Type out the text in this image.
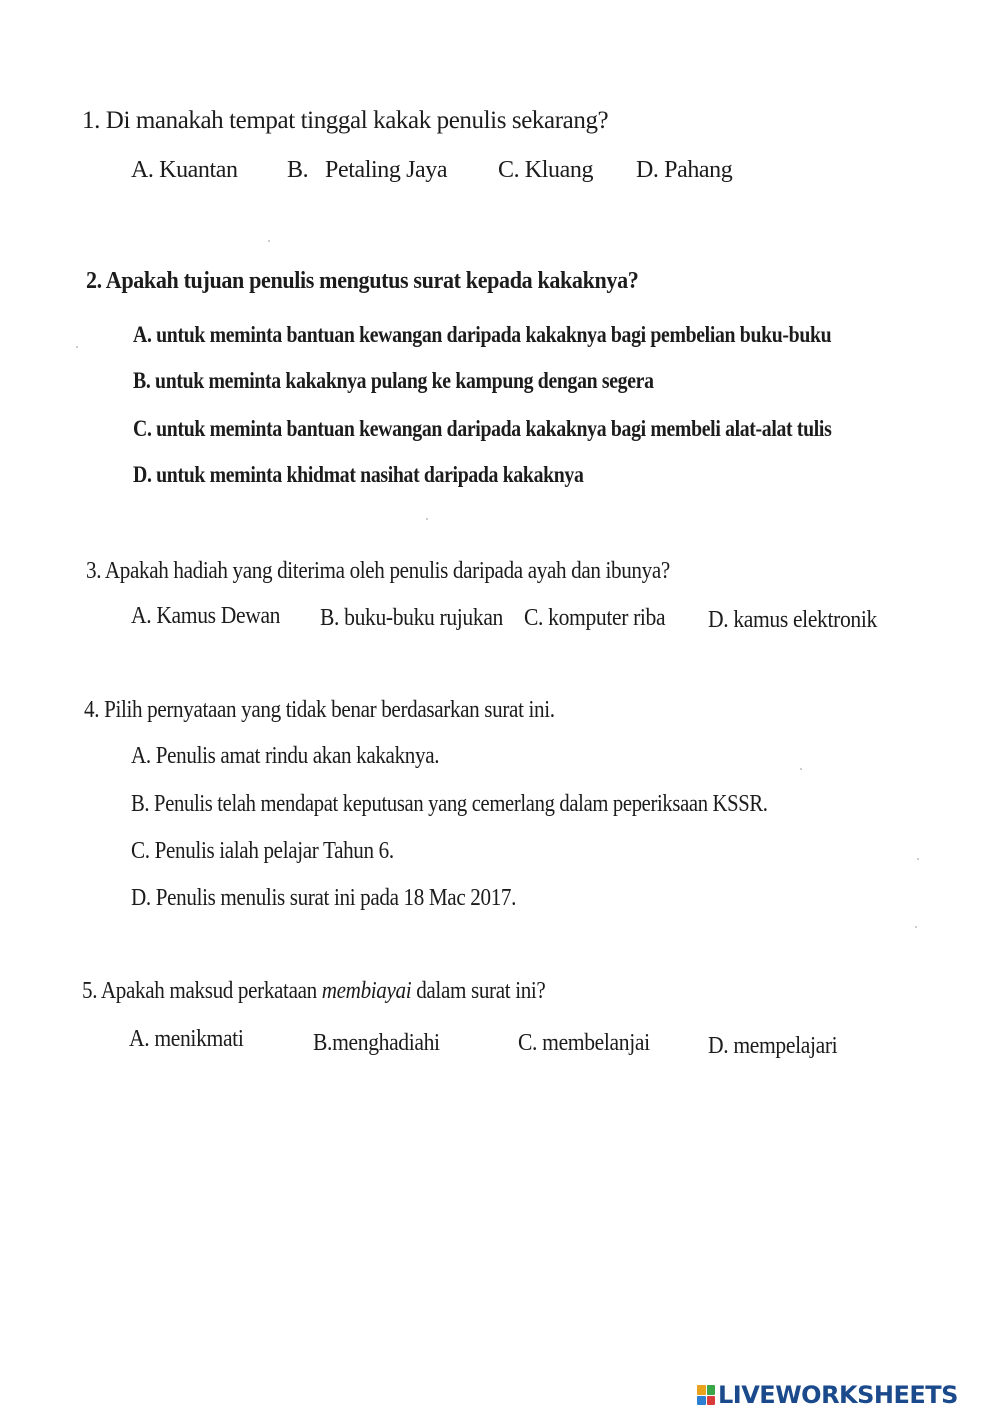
1. Di manakah tempat tinggal kakak penulis sekarang?
A. Kuantan B.   Petaling Jaya C. Kluang D. Pahang
2. Apakah tujuan penulis mengutus surat kepada kakaknya?
A. untuk meminta bantuan kewangan daripada kakaknya bagi pembelian buku-buku
B. untuk meminta kakaknya pulang ke kampung dengan segera
C. untuk meminta bantuan kewangan daripada kakaknya bagi membeli alat-alat tulis
D. untuk meminta khidmat nasihat daripada kakaknya
3. Apakah hadiah yang diterima oleh penulis daripada ayah dan ibunya?
A. Kamus Dewan B. buku-buku rujukan C. komputer riba D. kamus elektronik
4. Pilih pernyataan yang tidak benar berdasarkan surat ini.
A. Penulis amat rindu akan kakaknya.
B. Penulis telah mendapat keputusan yang cemerlang dalam peperiksaan KSSR.
C. Penulis ialah pelajar Tahun 6.
D. Penulis menulis surat ini pada 18 Mac 2017.
5. Apakah maksud perkataan membiayai dalam surat ini?
A. menikmati	B.menghadiahi	C. membelanjai D. mempelajari
LIVEWORKSHEETS
